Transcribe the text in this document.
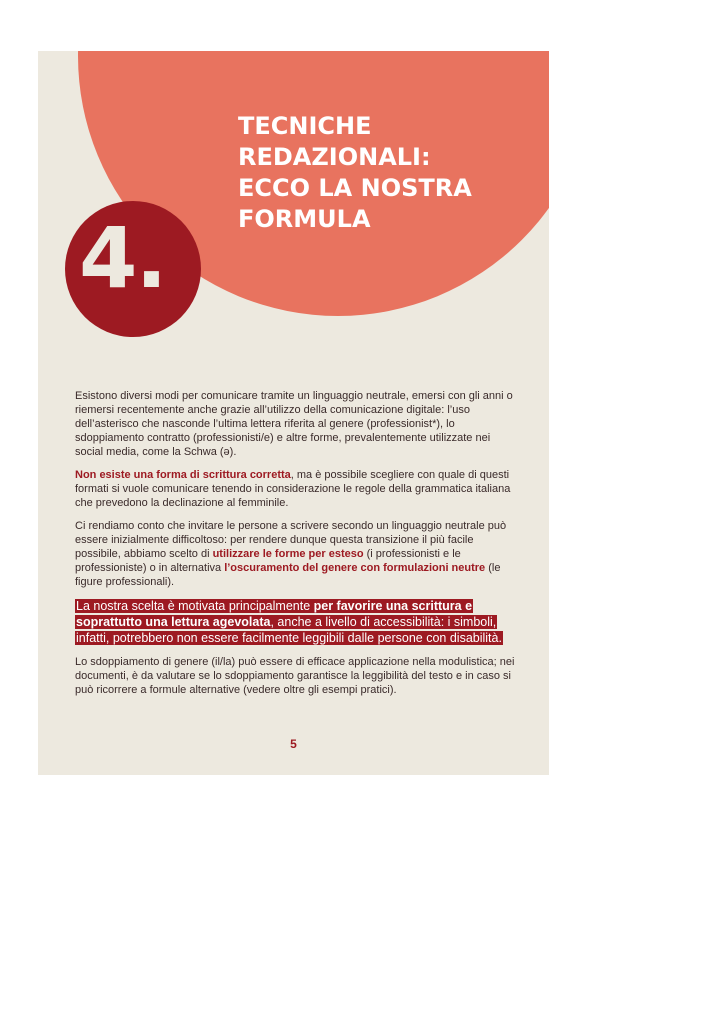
4.
TECNICHE
REDAZIONALI:
ECCO LA NOSTRA
FORMULA

Esistono diversi modi per comunicare tramite un linguaggio neutrale, emersi con gli anni o riemersi recentemente anche grazie all’utilizzo della comunicazione digitale: l’uso dell’asterisco che nasconde l’ultima lettera riferita al genere (professionist*), lo sdoppiamento contratto (professionisti/e) e altre forme, prevalentemente utilizzate nei social media, come la Schwa (ə).

Non esiste una forma di scrittura corretta, ma è possibile scegliere con quale di questi formati si vuole comunicare tenendo in considerazione le regole della grammatica italiana che prevedono la declinazione al femminile.

Ci rendiamo conto che invitare le persone a scrivere secondo un linguaggio neutrale può essere inizialmente difficoltoso: per rendere dunque questa transizione il più facile possibile, abbiamo scelto di utilizzare le forme per esteso (i professionisti e le professioniste) o in alternativa l’oscuramento del genere con formulazioni neutre (le figure professionali).

La nostra scelta è motivata principalmente per favorire una scrittura e soprattutto una lettura agevolata, anche a livello di accessibilità: i simboli, infatti, potrebbero non essere facilmente leggibili dalle persone con disabilità.

Lo sdoppiamento di genere (il/la) può essere di efficace applicazione nella modulistica; nei documenti, è da valutare se lo sdoppiamento garantisce la leggibilità del testo e in caso si può ricorrere a formule alternative (vedere oltre gli esempi pratici).

5
